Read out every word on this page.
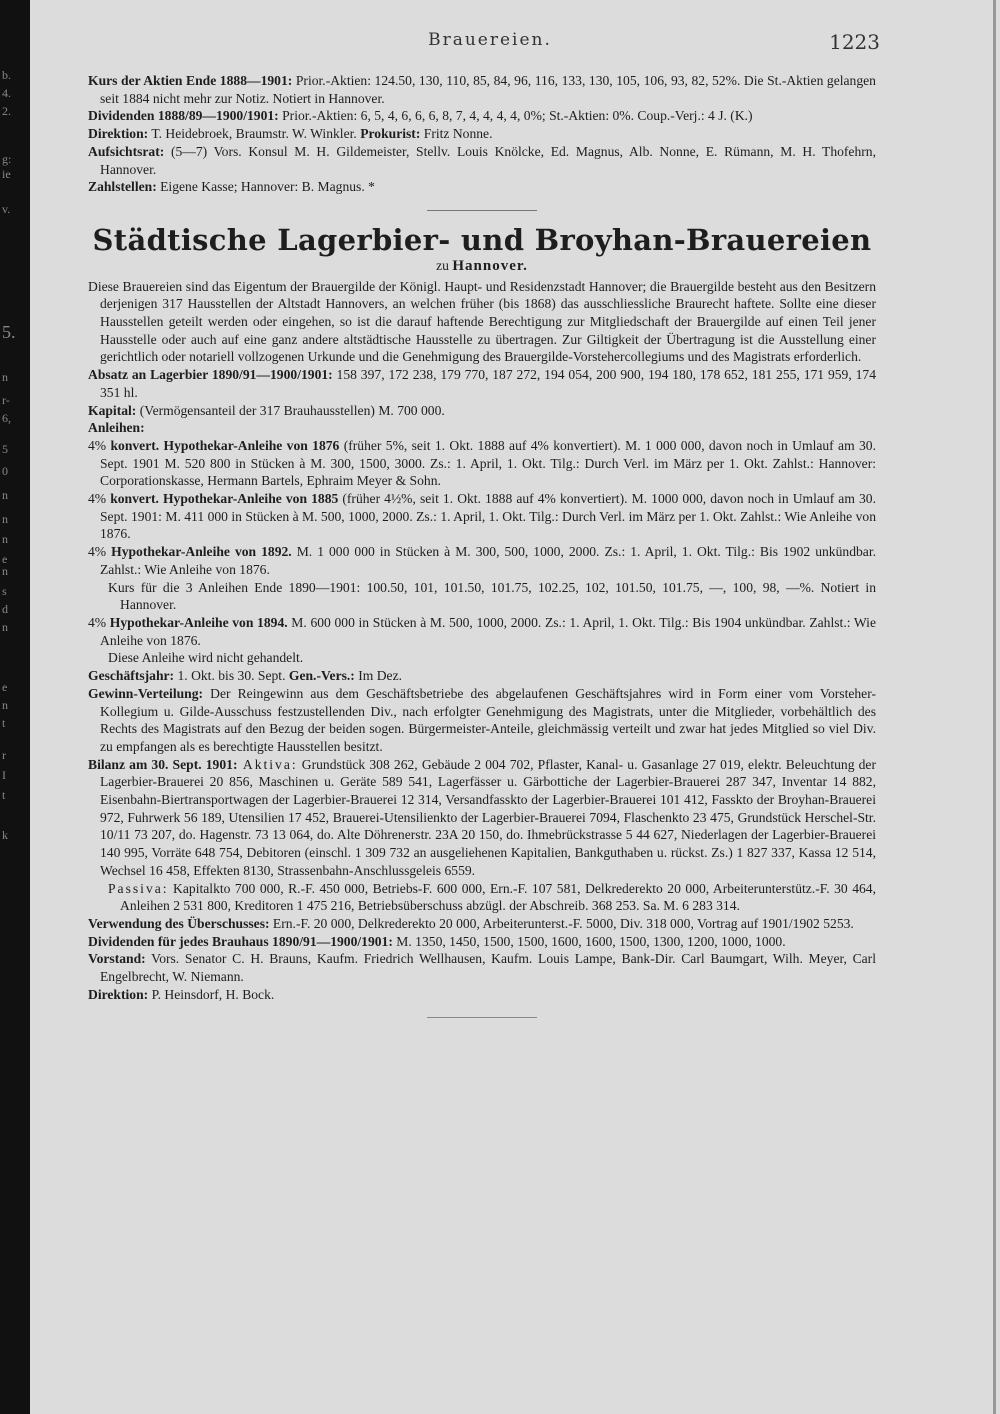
b.
4.
2.
g:
ie
v.
5.
n
r-
6,
5
0
n
n
n
e
n
s
d
n
e
n
t
r
I
t
k
Brauereien.	1223

Kurs der Aktien Ende 1888—1901: Prior.-Aktien: 124.50, 130, 110, 85, 84, 96, 116, 133, 130, 105, 106, 93, 82, 52%. Die St.-Aktien gelangen seit 1884 nicht mehr zur Notiz. Notiert in Hannover.

Dividenden 1888/89—1900/1901: Prior.-Aktien: 6, 5, 4, 6, 6, 6, 8, 7, 4, 4, 4, 4, 0%; St.-Aktien: 0%. Coup.-Verj.: 4 J. (K.)

Direktion: T. Heidebroek, Braumstr. W. Winkler. Prokurist: Fritz Nonne.

Aufsichtsrat: (5—7) Vors. Konsul M. H. Gildemeister, Stellv. Louis Knölcke, Ed. Magnus, Alb. Nonne, E. Rümann, M. H. Thofehrn, Hannover.

Zahlstellen: Eigene Kasse; Hannover: B. Magnus. *

Städtische Lagerbier- und Broyhan-Brauereien

zu Hannover.

Diese Brauereien sind das Eigentum der Brauergilde der Königl. Haupt- und Residenzstadt Hannover; die Brauergilde besteht aus den Besitzern derjenigen 317 Hausstellen der Altstadt Hannovers, an welchen früher (bis 1868) das ausschliessliche Braurecht haftete. Sollte eine dieser Hausstellen geteilt werden oder eingehen, so ist die darauf haftende Berechtigung zur Mitgliedschaft der Brauergilde auf einen Teil jener Hausstelle oder auch auf eine ganz andere altstädtische Hausstelle zu übertragen. Zur Giltigkeit der Übertragung ist die Ausstellung einer gerichtlich oder notariell vollzogenen Urkunde und die Genehmigung des Brauergilde-Vorstehercollegiums und des Magistrats erforderlich.

Absatz an Lagerbier 1890/91—1900/1901: 158 397, 172 238, 179 770, 187 272, 194 054, 200 900, 194 180, 178 652, 181 255, 171 959, 174 351 hl.

Kapital: (Vermögensanteil der 317 Brauhausstellen) M. 700 000.

Anleihen:

4% konvert. Hypothekar-Anleihe von 1876 (früher 5%, seit 1. Okt. 1888 auf 4% konvertiert). M. 1 000 000, davon noch in Umlauf am 30. Sept. 1901 M. 520 800 in Stücken à M. 300, 1500, 3000. Zs.: 1. April, 1. Okt. Tilg.: Durch Verl. im März per 1. Okt. Zahlst.: Hannover: Corporationskasse, Hermann Bartels, Ephraim Meyer & Sohn.

4% konvert. Hypothekar-Anleihe von 1885 (früher 4½%, seit 1. Okt. 1888 auf 4% konvertiert). M. 1000 000, davon noch in Umlauf am 30. Sept. 1901: M. 411 000 in Stücken à M. 500, 1000, 2000. Zs.: 1. April, 1. Okt. Tilg.: Durch Verl. im März per 1. Okt. Zahlst.: Wie Anleihe von 1876.

4% Hypothekar-Anleihe von 1892. M. 1 000 000 in Stücken à M. 300, 500, 1000, 2000. Zs.: 1. April, 1. Okt. Tilg.: Bis 1902 unkündbar. Zahlst.: Wie Anleihe von 1876.

Kurs für die 3 Anleihen Ende 1890—1901: 100.50, 101, 101.50, 101.75, 102.25, 102, 101.50, 101.75, —, 100, 98, —%. Notiert in Hannover.

4% Hypothekar-Anleihe von 1894. M. 600 000 in Stücken à M. 500, 1000, 2000. Zs.: 1. April, 1. Okt. Tilg.: Bis 1904 unkündbar. Zahlst.: Wie Anleihe von 1876.

Diese Anleihe wird nicht gehandelt.

Geschäftsjahr: 1. Okt. bis 30. Sept. Gen.-Vers.: Im Dez.

Gewinn-Verteilung: Der Reingewinn aus dem Geschäftsbetriebe des abgelaufenen Geschäftsjahres wird in Form einer vom Vorsteher-Kollegium u. Gilde-Ausschuss festzustellenden Div., nach erfolgter Genehmigung des Magistrats, unter die Mitglieder, vorbehältlich des Rechts des Magistrats auf den Bezug der beiden sogen. Bürgermeister-Anteile, gleichmässig verteilt und zwar hat jedes Mitglied so viel Div. zu empfangen als es berechtigte Hausstellen besitzt.

Bilanz am 30. Sept. 1901: Aktiva: Grundstück 308 262, Gebäude 2 004 702, Pflaster, Kanal- u. Gasanlage 27 019, elektr. Beleuchtung der Lagerbier-Brauerei 20 856, Maschinen u. Geräte 589 541, Lagerfässer u. Gärbottiche der Lagerbier-Brauerei 287 347, Inventar 14 882, Eisenbahn-Biertransportwagen der Lagerbier-Brauerei 12 314, Versandfasskto der Lagerbier-Brauerei 101 412, Fasskto der Broyhan-Brauerei 972, Fuhrwerk 56 189, Utensilien 17 452, Brauerei-Utensilienkto der Lagerbier-Brauerei 7094, Flaschenkto 23 475, Grundstück Herschel-Str. 10/11 73 207, do. Hagenstr. 73 13 064, do. Alte Döhrenerstr. 23A 20 150, do. Ihmebrückstrasse 5 44 627, Niederlagen der Lagerbier-Brauerei 140 995, Vorräte 648 754, Debitoren (einschl. 1 309 732 an ausgeliehenen Kapitalien, Bankguthaben u. rückst. Zs.) 1 827 337, Kassa 12 514, Wechsel 16 458, Effekten 8130, Strassenbahn-Anschlussgeleis 6559.

Passiva: Kapitalkto 700 000, R.-F. 450 000, Betriebs-F. 600 000, Ern.-F. 107 581, Delkrederekto 20 000, Arbeiterunterstütz.-F. 30 464, Anleihen 2 531 800, Kreditoren 1 475 216, Betriebsüberschuss abzügl. der Abschreib. 368 253. Sa. M. 6 283 314.

Verwendung des Überschusses: Ern.-F. 20 000, Delkrederekto 20 000, Arbeiterunterst.-F. 5000, Div. 318 000, Vortrag auf 1901/1902 5253.

Dividenden für jedes Brauhaus 1890/91—1900/1901: M. 1350, 1450, 1500, 1500, 1600, 1600, 1500, 1300, 1200, 1000, 1000.

Vorstand: Vors. Senator C. H. Brauns, Kaufm. Friedrich Wellhausen, Kaufm. Louis Lampe, Bank-Dir. Carl Baumgart, Wilh. Meyer, Carl Engelbrecht, W. Niemann.

Direktion: P. Heinsdorf, H. Bock.
